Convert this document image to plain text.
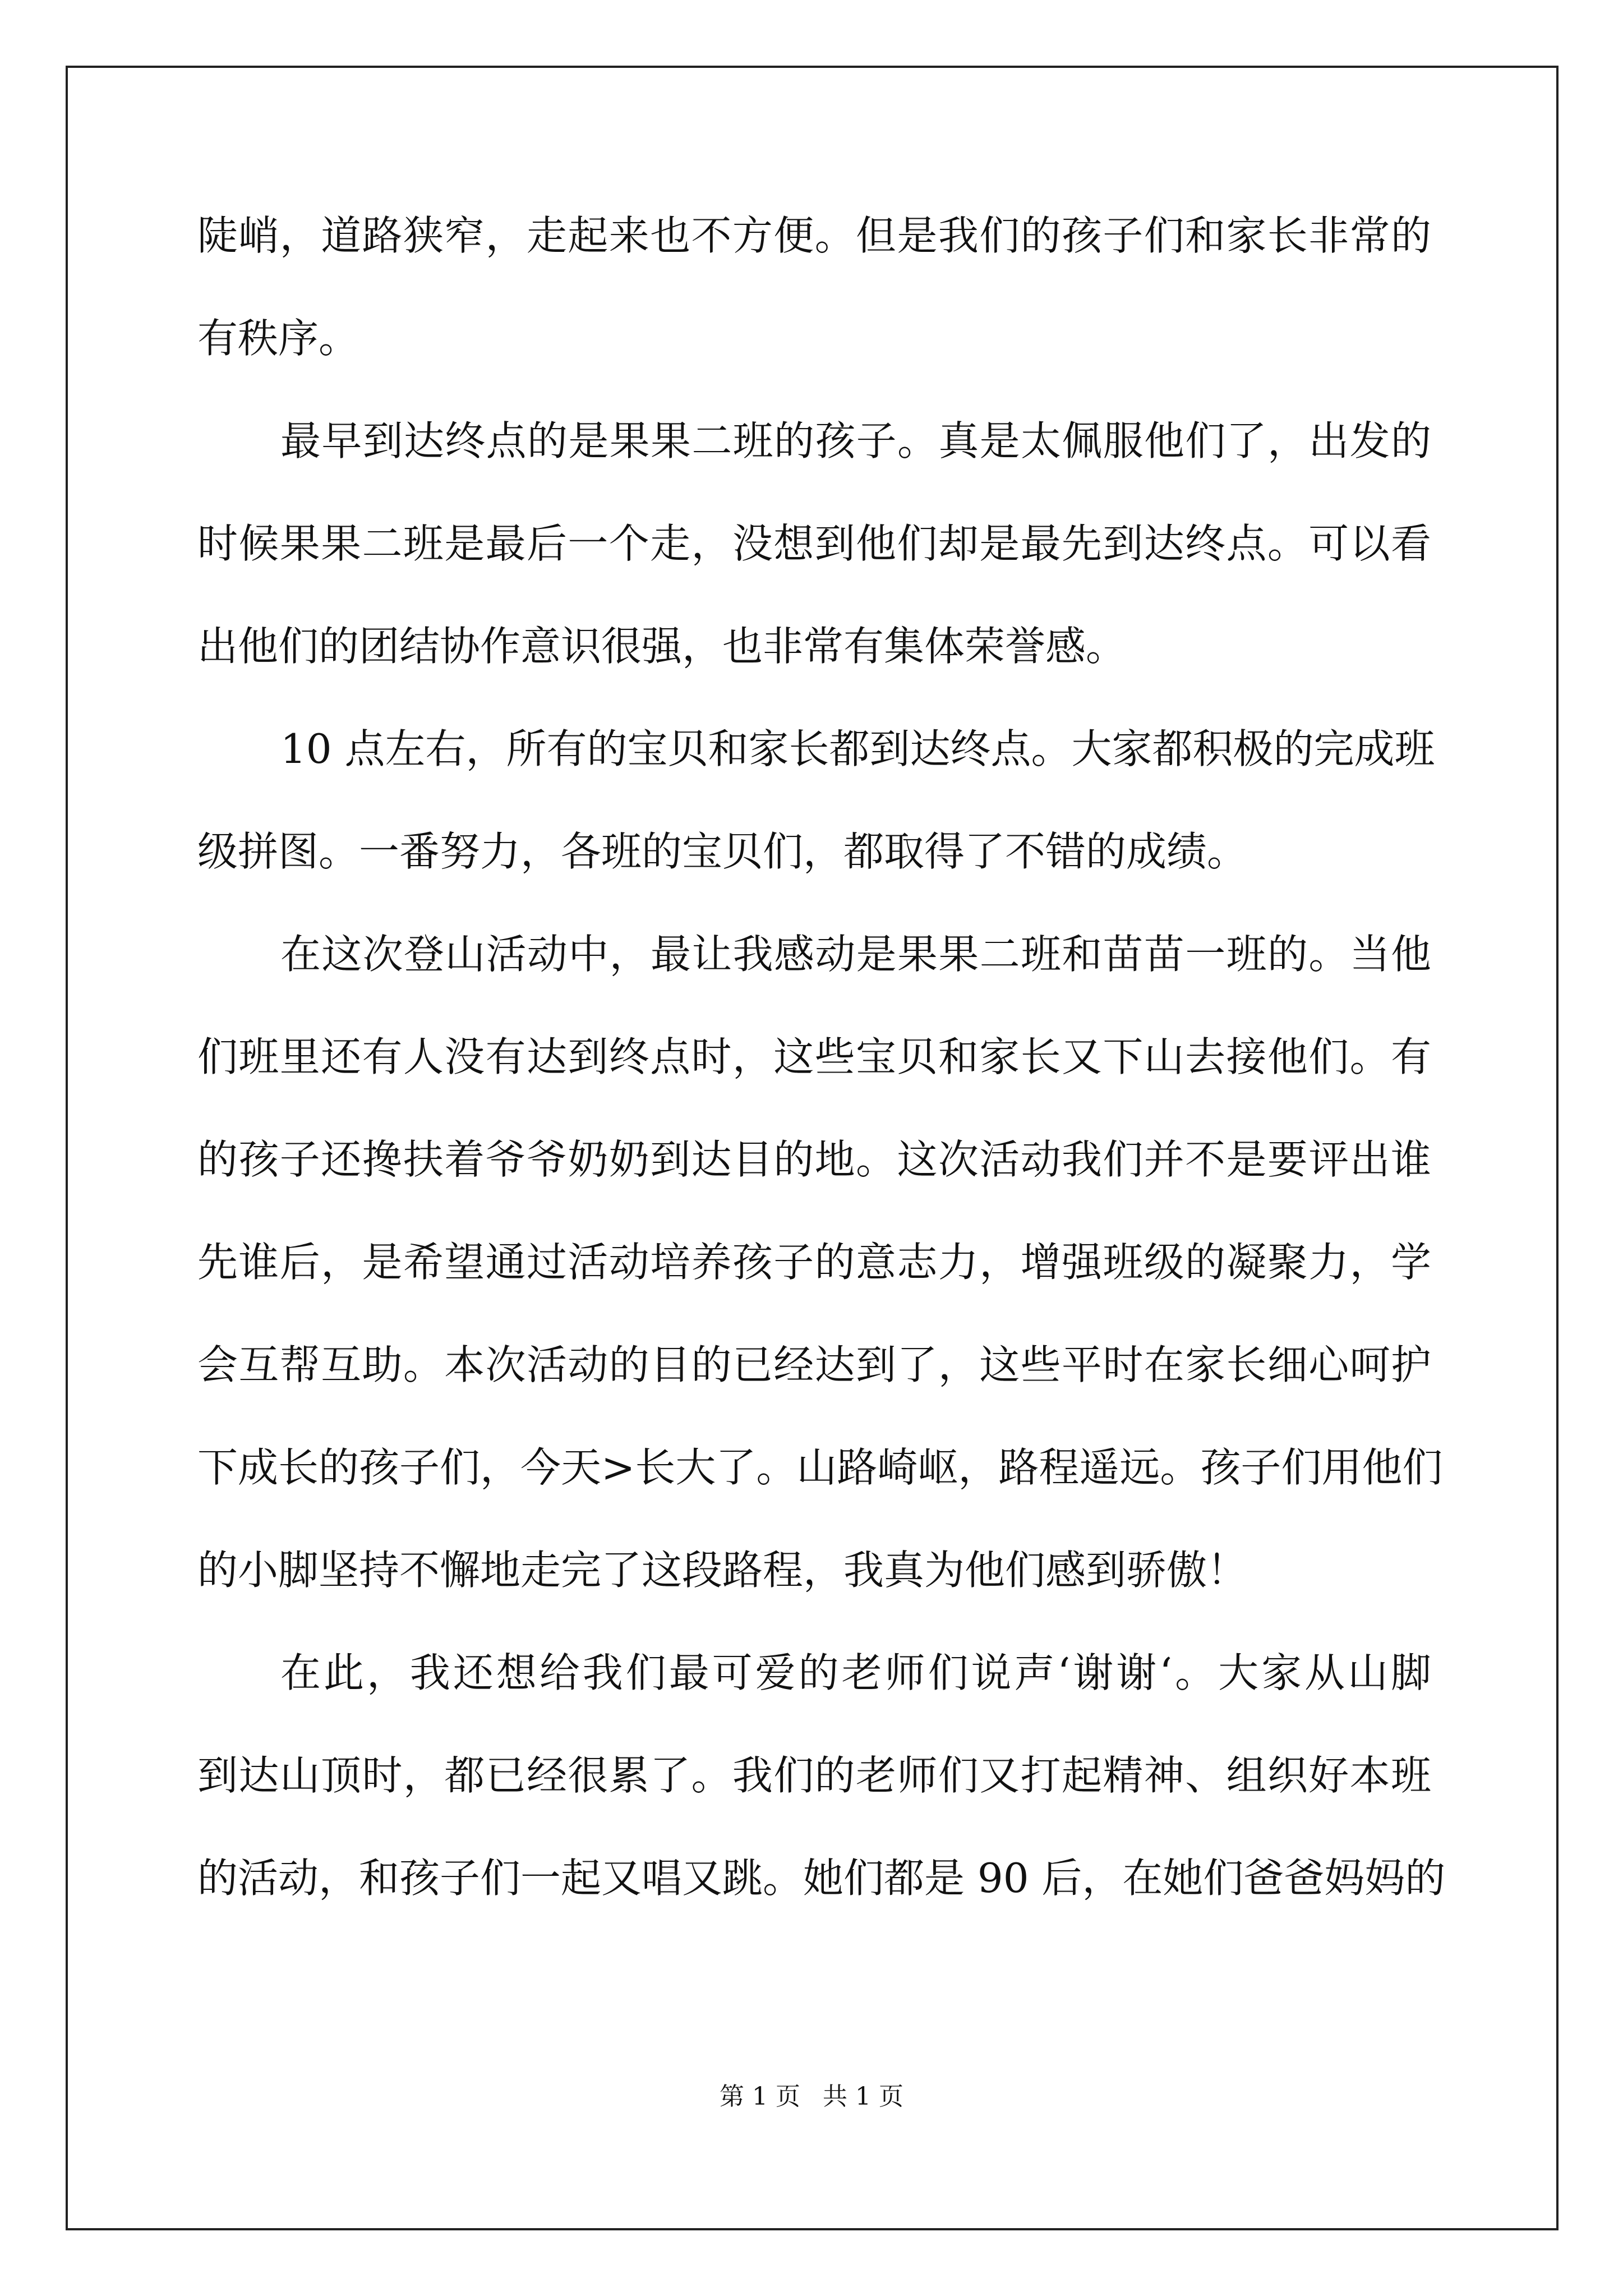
陡峭，道路狭窄，走起来也不方便。但是我们的孩子们和家长非常的
有秩序。
最早到达终点的是果果二班的孩子。真是太佩服他们了，出发的
时候果果二班是最后一个走，没想到他们却是最先到达终点。可以看
出他们的团结协作意识很强，也非常有集体荣誉感。
10 点左右，所有的宝贝和家长都到达终点。大家都积极的完成班
级拼图。一番努力，各班的宝贝们，都取得了不错的成绩。
在这次登山活动中，最让我感动是果果二班和苗苗一班的。当他
们班里还有人没有达到终点时，这些宝贝和家长又下山去接他们。有
的孩子还搀扶着爷爷奶奶到达目的地。这次活动我们并不是要评出谁
先谁后，是希望通过活动培养孩子的意志力，增强班级的凝聚力，学
会互帮互助。本次活动的目的已经达到了，这些平时在家长细心呵护
下成长的孩子们，今天>长大了。山路崎岖，路程遥远。孩子们用他们
的小脚坚持不懈地走完了这段路程，我真为他们感到骄傲！
在此，我还想给我们最可爱的老师们说声‘谢谢‘。大家从山脚
到达山顶时，都已经很累了。我们的老师们又打起精神、组织好本班
的活动，和孩子们一起又唱又跳。她们都是 90 后，在她们爸爸妈妈的
第 1 页 共 1 页
